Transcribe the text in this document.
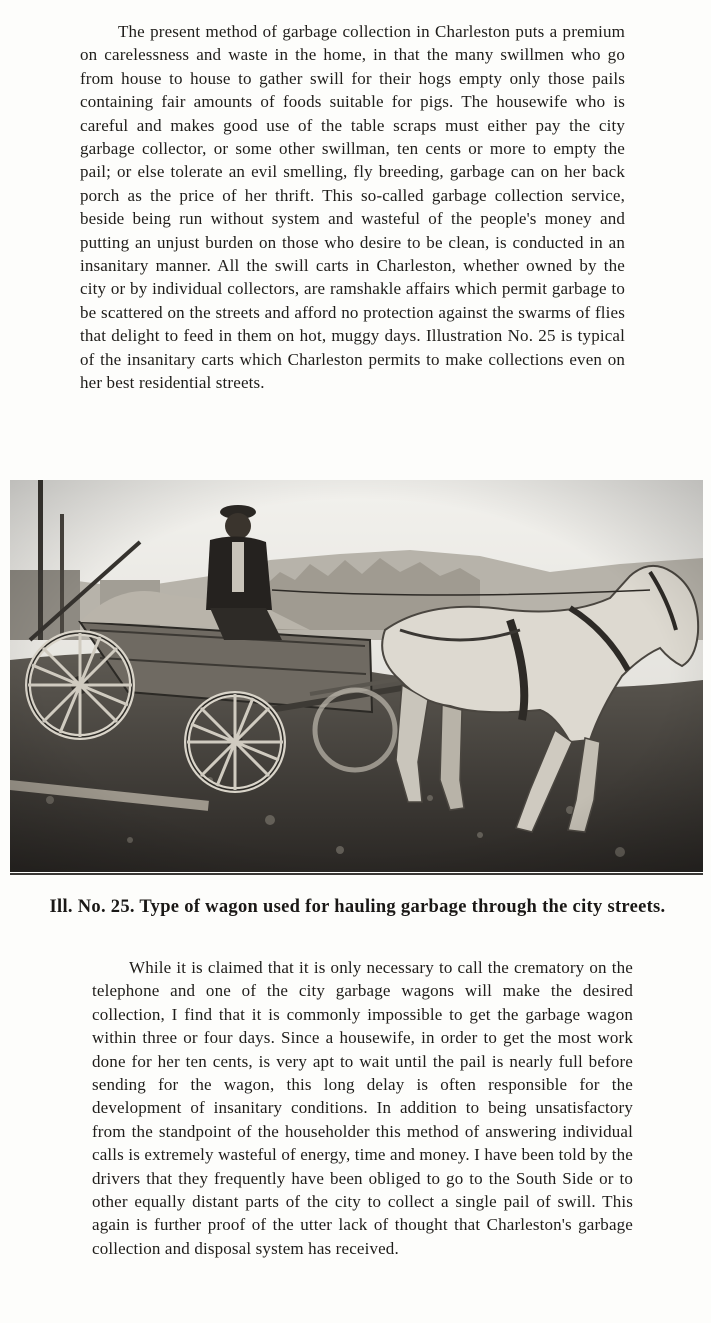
The present method of garbage collection in Charleston puts a premium on carelessness and waste in the home, in that the many swillmen who go from house to house to gather swill for their hogs empty only those pails containing fair amounts of foods suitable for pigs. The housewife who is careful and makes good use of the table scraps must either pay the city garbage collector, or some other swillman, ten cents or more to empty the pail; or else tolerate an evil smelling, fly breeding, garbage can on her back porch as the price of her thrift. This so-called garbage collection service, beside being run without system and wasteful of the people's money and putting an unjust burden on those who desire to be clean, is conducted in an insanitary manner. All the swill carts in Charleston, whether owned by the city or by individual collectors, are ramshakle affairs which permit garbage to be scattered on the streets and afford no protection against the swarms of flies that delight to feed in them on hot, muggy days. Illustration No. 25 is typical of the insanitary carts which Charleston permits to make collections even on her best residential streets.

Ill. No. 25. Type of wagon used for hauling garbage through the city streets.

While it is claimed that it is only necessary to call the crematory on the telephone and one of the city garbage wagons will make the desired collection, I find that it is commonly impossible to get the garbage wagon within three or four days. Since a housewife, in order to get the most work done for her ten cents, is very apt to wait until the pail is nearly full before sending for the wagon, this long delay is often responsible for the development of insanitary conditions. In addition to being unsatisfactory from the standpoint of the householder this method of answering individual calls is extremely wasteful of energy, time and money. I have been told by the drivers that they frequently have been obliged to go to the South Side or to other equally distant parts of the city to collect a single pail of swill. This again is further proof of the utter lack of thought that Charleston's garbage collection and disposal system has received.
